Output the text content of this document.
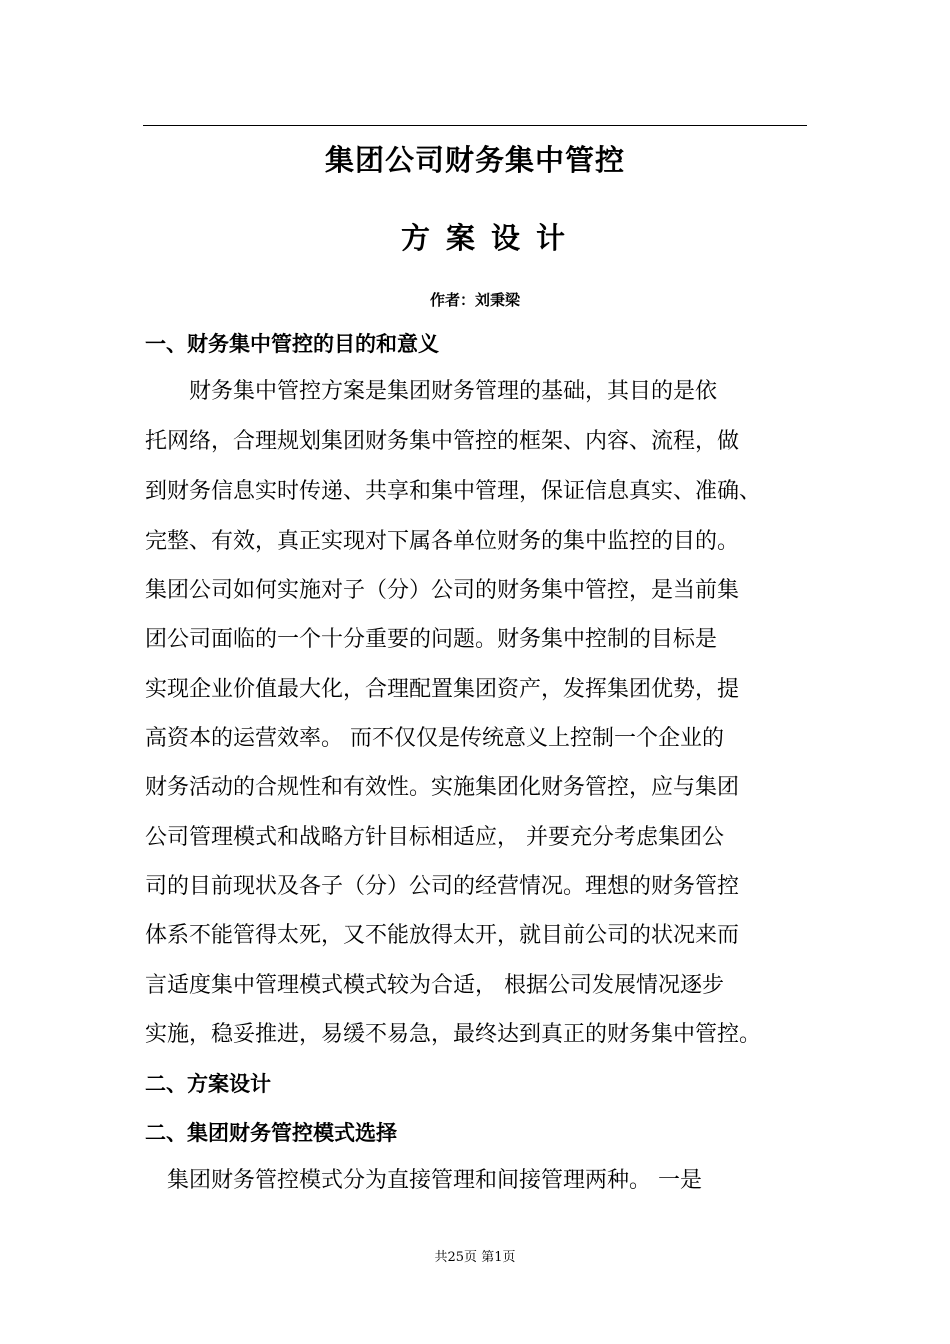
集团公司财务集中管控
方案设计
作者：刘秉梁
一、财务集中管控的目的和意义
　　财务集中管控方案是集团财务管理的基础，其目的是依
托网络，合理规划集团财务集中管控的框架、内容、流程，做
到财务信息实时传递、共享和集中管理，保证信息真实、准确、
完整、有效，真正实现对下属各单位财务的集中监控的目的。
集团公司如何实施对子（分）公司的财务集中管控，是当前集
团公司面临的一个十分重要的问题。财务集中控制的目标是
实现企业价值最大化，合理配置集团资产，发挥集团优势，提
高资本的运营效率。 而不仅仅是传统意义上控制一个企业的
财务活动的合规性和有效性。实施集团化财务管控，应与集团
公司管理模式和战略方针目标相适应， 并要充分考虑集团公
司的目前现状及各子（分）公司的经营情况。理想的财务管控
体系不能管得太死，又不能放得太开，就目前公司的状况来而
言适度集中管理模式模式较为合适， 根据公司发展情况逐步
实施，稳妥推进，易缓不易急，最终达到真正的财务集中管控。
二、方案设计
二、集团财务管控模式选择
　集团财务管控模式分为直接管理和间接管理两种。 一是
共25页 第1页
